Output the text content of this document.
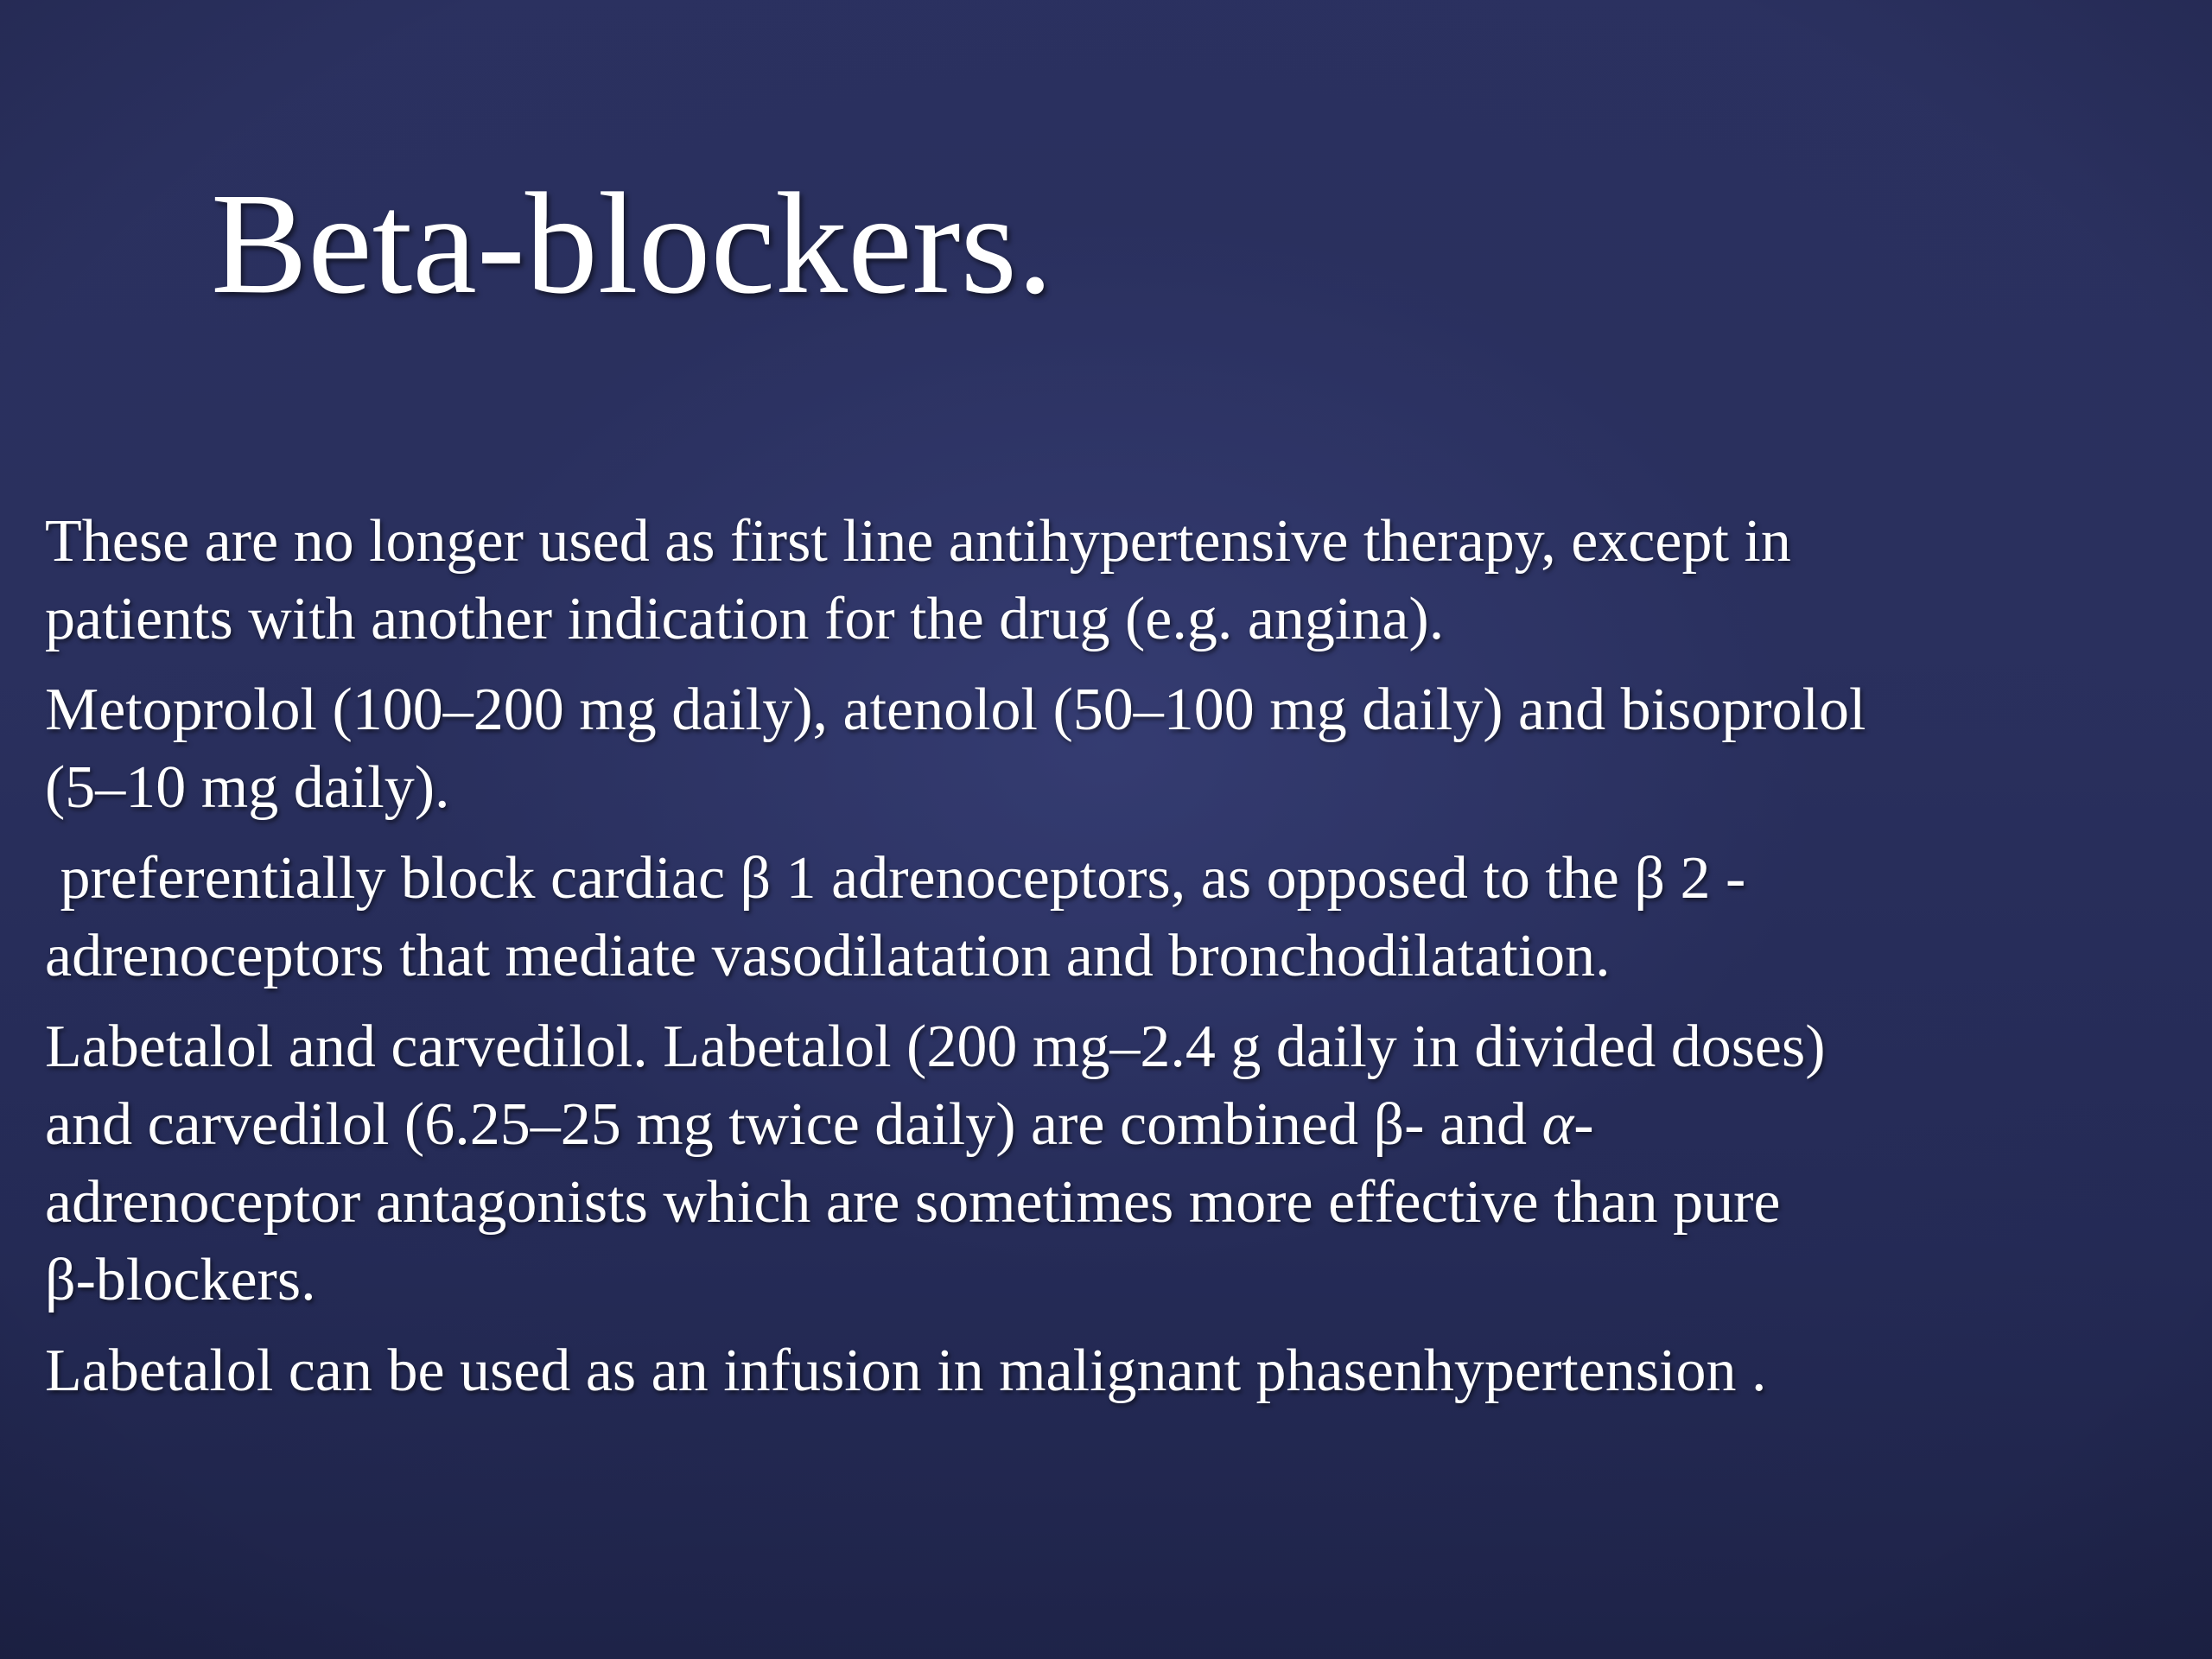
Beta-blockers.

These are no longer used as first line antihypertensive therapy, except in
patients with another indication for the drug (e.g. angina).

Metoprolol (100–200 mg daily), atenolol (50–100 mg daily) and bisoprolol
(5–10 mg daily).

preferentially block cardiac β 1 adrenoceptors, as opposed to the β 2 -
adrenoceptors that mediate vasodilatation and bronchodilatation.

Labetalol and carvedilol. Labetalol (200 mg–2.4 g daily in divided doses)
and carvedilol (6.25–25 mg twice daily) are combined β- and α-
adrenoceptor antagonists which are sometimes more effective than pure
β-blockers.

Labetalol can be used as an infusion in malignant phasenhypertension .
